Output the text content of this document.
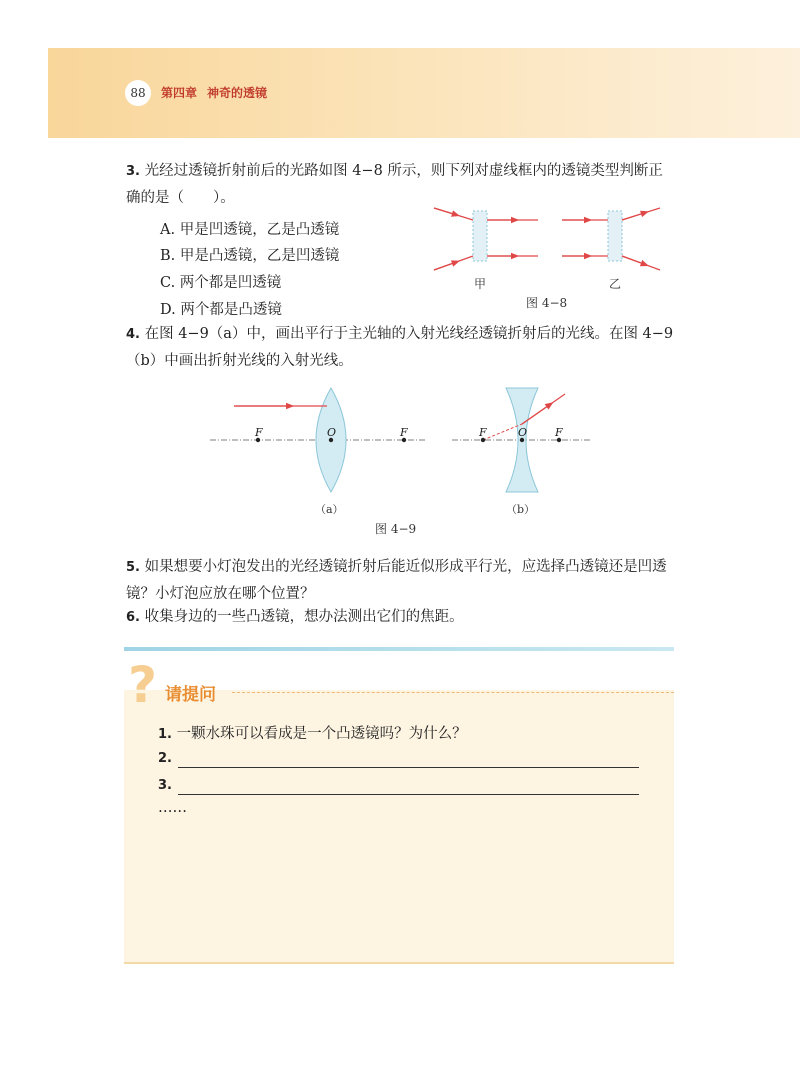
88	第四章 神奇的透镜

3. 光经过透镜折射前后的光路如图 4−8 所示，则下列对虚线框内的透镜类型判断正确的是（　　）。

A. 甲是凹透镜，乙是凸透镜
B. 甲是凸透镜，乙是凹透镜
C. 两个都是凹透镜
D. 两个都是凸透镜
甲	乙
图 4−8

4. 在图 4−9（a）中，画出平行于主光轴的入射光线经透镜折射后的光线。在图 4−9（b）中画出折射光线的入射光线。

F	O	F	F	O	F
（a）	（b）
图 4−9

5. 如果想要小灯泡发出的光经透镜折射后能近似形成平行光，应选择凸透镜还是凹透镜？小灯泡应放在哪个位置？

6. 收集身边的一些凸透镜，想办法测出它们的焦距。

? 请提问
1. 一颗水珠可以看成是一个凸透镜吗？为什么？
2.
3.
……
